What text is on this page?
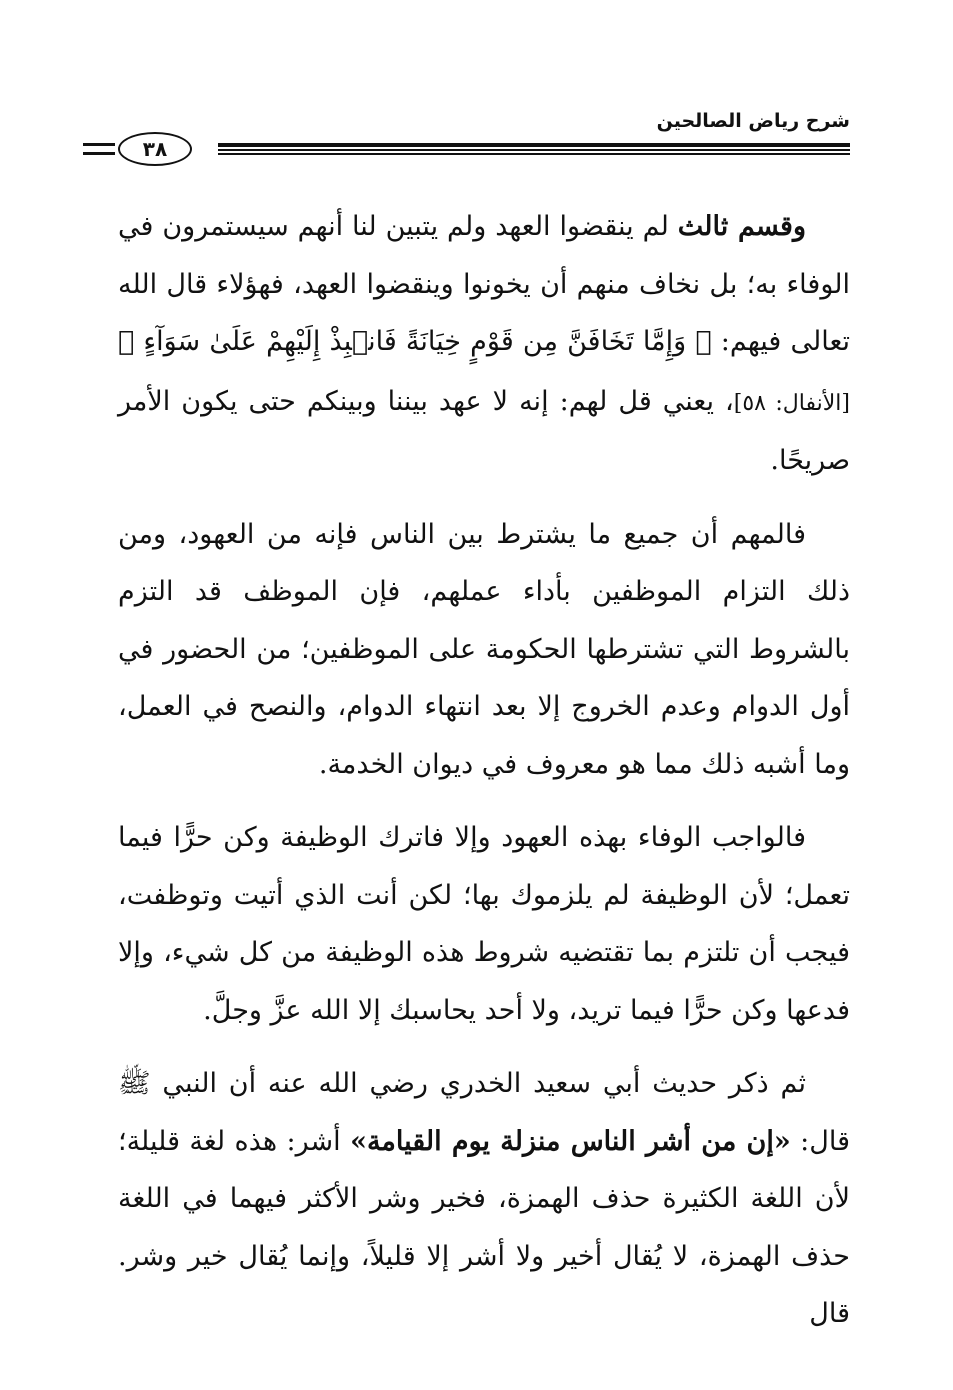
شرح رياض الصالحين
٣٨

وقسم ثالث لم ينقضوا العهد ولم يتبين لنا أنهم سيستمرون في الوفاء به؛ بل نخاف منهم أن يخونوا وينقضوا العهد، فهؤلاء قال الله تعالى فيهم: ﴿ وَإِمَّا تَخَافَنَّ مِن قَوْمٍ خِيَانَةً فَانۢبِذْ إِلَيْهِمْ عَلَىٰ سَوَآءٍ ﴾ [الأنفال: ٥٨]، يعني قل لهم: إنه لا عهد بيننا وبينكم حتى يكون الأمر صريحًا.

فالمهم أن جميع ما يشترط بين الناس فإنه من العهود، ومن ذلك التزام الموظفين بأداء عملهم، فإن الموظف قد التزم بالشروط التي تشترطها الحكومة على الموظفين؛ من الحضور في أول الدوام وعدم الخروج إلا بعد انتهاء الدوام، والنصح في العمل، وما أشبه ذلك مما هو معروف في ديوان الخدمة.

فالواجب الوفاء بهذه العهود وإلا فاترك الوظيفة وكن حرًّا فيما تعمل؛ لأن الوظيفة لم يلزموك بها؛ لكن أنت الذي أتيت وتوظفت، فيجب أن تلتزم بما تقتضيه شروط هذه الوظيفة من كل شيء، وإلا فدعها وكن حرًّا فيما تريد، ولا أحد يحاسبك إلا الله عزَّ وجلَّ.

ثم ذكر حديث أبي سعيد الخدري رضي الله عنه أن النبي ﷺ قال: «إن من أشر الناس منزلة يوم القيامة» أشر: هذه لغة قليلة؛ لأن اللغة الكثيرة حذف الهمزة، فخير وشر الأكثر فيهما في اللغة حذف الهمزة، لا يُقال أخير ولا أشر إلا قليلاً، وإنما يُقال خير وشر. قال
